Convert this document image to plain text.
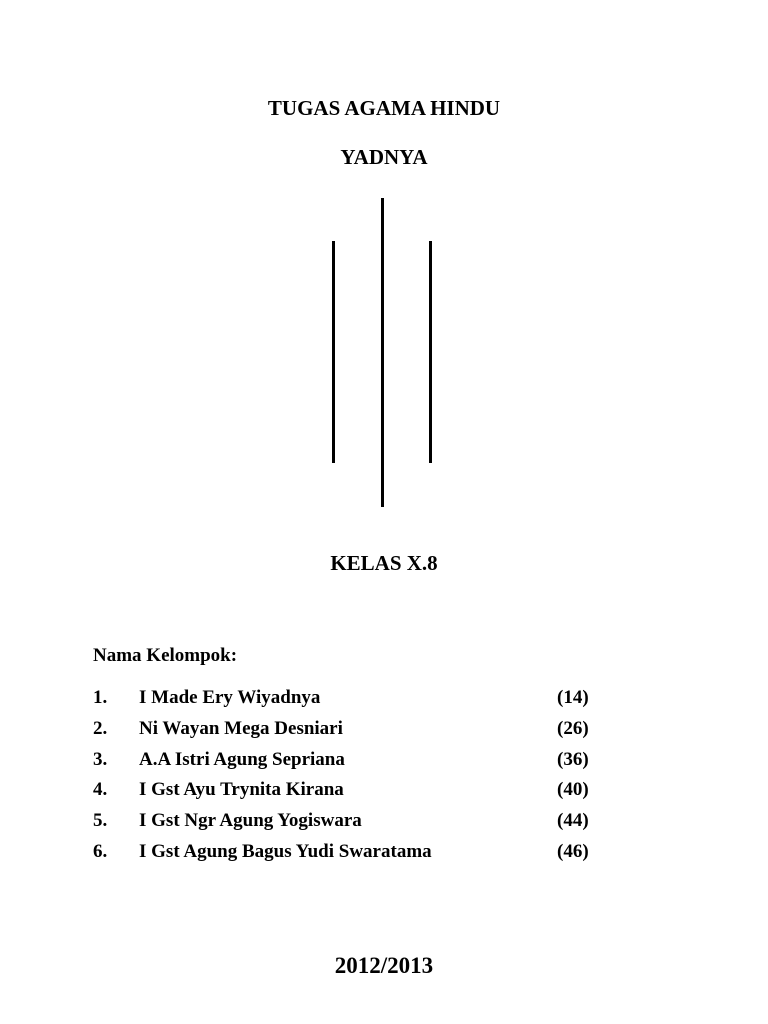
TUGAS AGAMA HINDU
YADNYA
KELAS X.8
Nama Kelompok:
1. I Made Ery Wiyadnya	(14)
2. Ni Wayan Mega Desniari	(26)
3. A.A Istri Agung Sepriana	(36)
4. I Gst Ayu Trynita Kirana	(40)
5. I Gst Ngr Agung Yogiswara	(44)
6. I Gst Agung Bagus Yudi Swaratama	(46)
2012/2013
